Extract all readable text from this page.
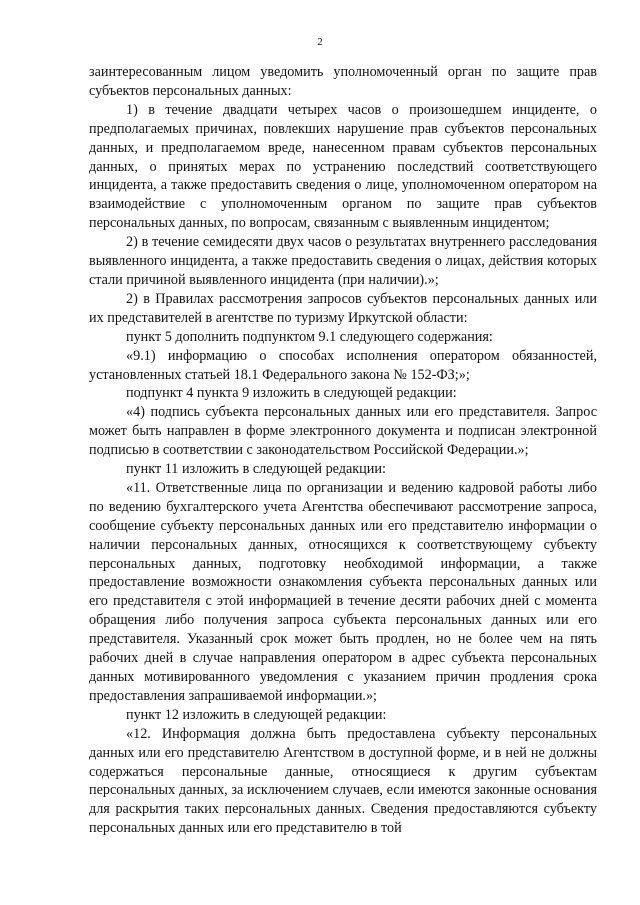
2

заинтересованным лицом уведомить уполномоченный орган по защите прав субъектов персональных данных:

1) в течение двадцати четырех часов о произошедшем инциденте, о предполагаемых причинах, повлекших нарушение прав субъектов персональных данных, и предполагаемом вреде, нанесенном правам субъектов персональных данных, о принятых мерах по устранению последствий соответствующего инцидента, а также предоставить сведения о лице, уполномоченном оператором на взаимодействие с уполномоченным органом по защите прав субъектов персональных данных, по вопросам, связанным с выявленным инцидентом;

2) в течение семидесяти двух часов о результатах внутреннего расследования выявленного инцидента, а также предоставить сведения о лицах, действия которых стали причиной выявленного инцидента (при наличии).»;

2) в Правилах рассмотрения запросов субъектов персональных данных или их представителей в агентстве по туризму Иркутской области:

пункт 5 дополнить подпунктом 9.1 следующего содержания:

«9.1) информацию о способах исполнения оператором обязанностей, установленных статьей 18.1 Федерального закона № 152-ФЗ;»;

подпункт 4 пункта 9 изложить в следующей редакции:

«4) подпись субъекта персональных данных или его представителя. Запрос может быть направлен в форме электронного документа и подписан электронной подписью в соответствии с законодательством Российской Федерации.»;

пункт 11 изложить в следующей редакции:

«11. Ответственные лица по организации и ведению кадровой работы либо по ведению бухгалтерского учета Агентства обеспечивают рассмотрение запроса, сообщение субъекту персональных данных или его представителю информации о наличии персональных данных, относящихся к соответствующему субъекту персональных данных, подготовку необходимой информации, а также предоставление возможности ознакомления субъекта персональных данных или его представителя с этой информацией в течение десяти рабочих дней с момента обращения либо получения запроса субъекта персональных данных или его представителя. Указанный срок может быть продлен, но не более чем на пять рабочих дней в случае направления оператором в адрес субъекта персональных данных мотивированного уведомления с указанием причин продления срока предоставления запрашиваемой информации.»;

пункт 12 изложить в следующей редакции:

«12. Информация должна быть предоставлена субъекту персональных данных или его представителю Агентством в доступной форме, и в ней не должны содержаться персональные данные, относящиеся к другим субъектам персональных данных, за исключением случаев, если имеются законные основания для раскрытия таких персональных данных. Сведения предоставляются субъекту персональных данных или его представителю в той
